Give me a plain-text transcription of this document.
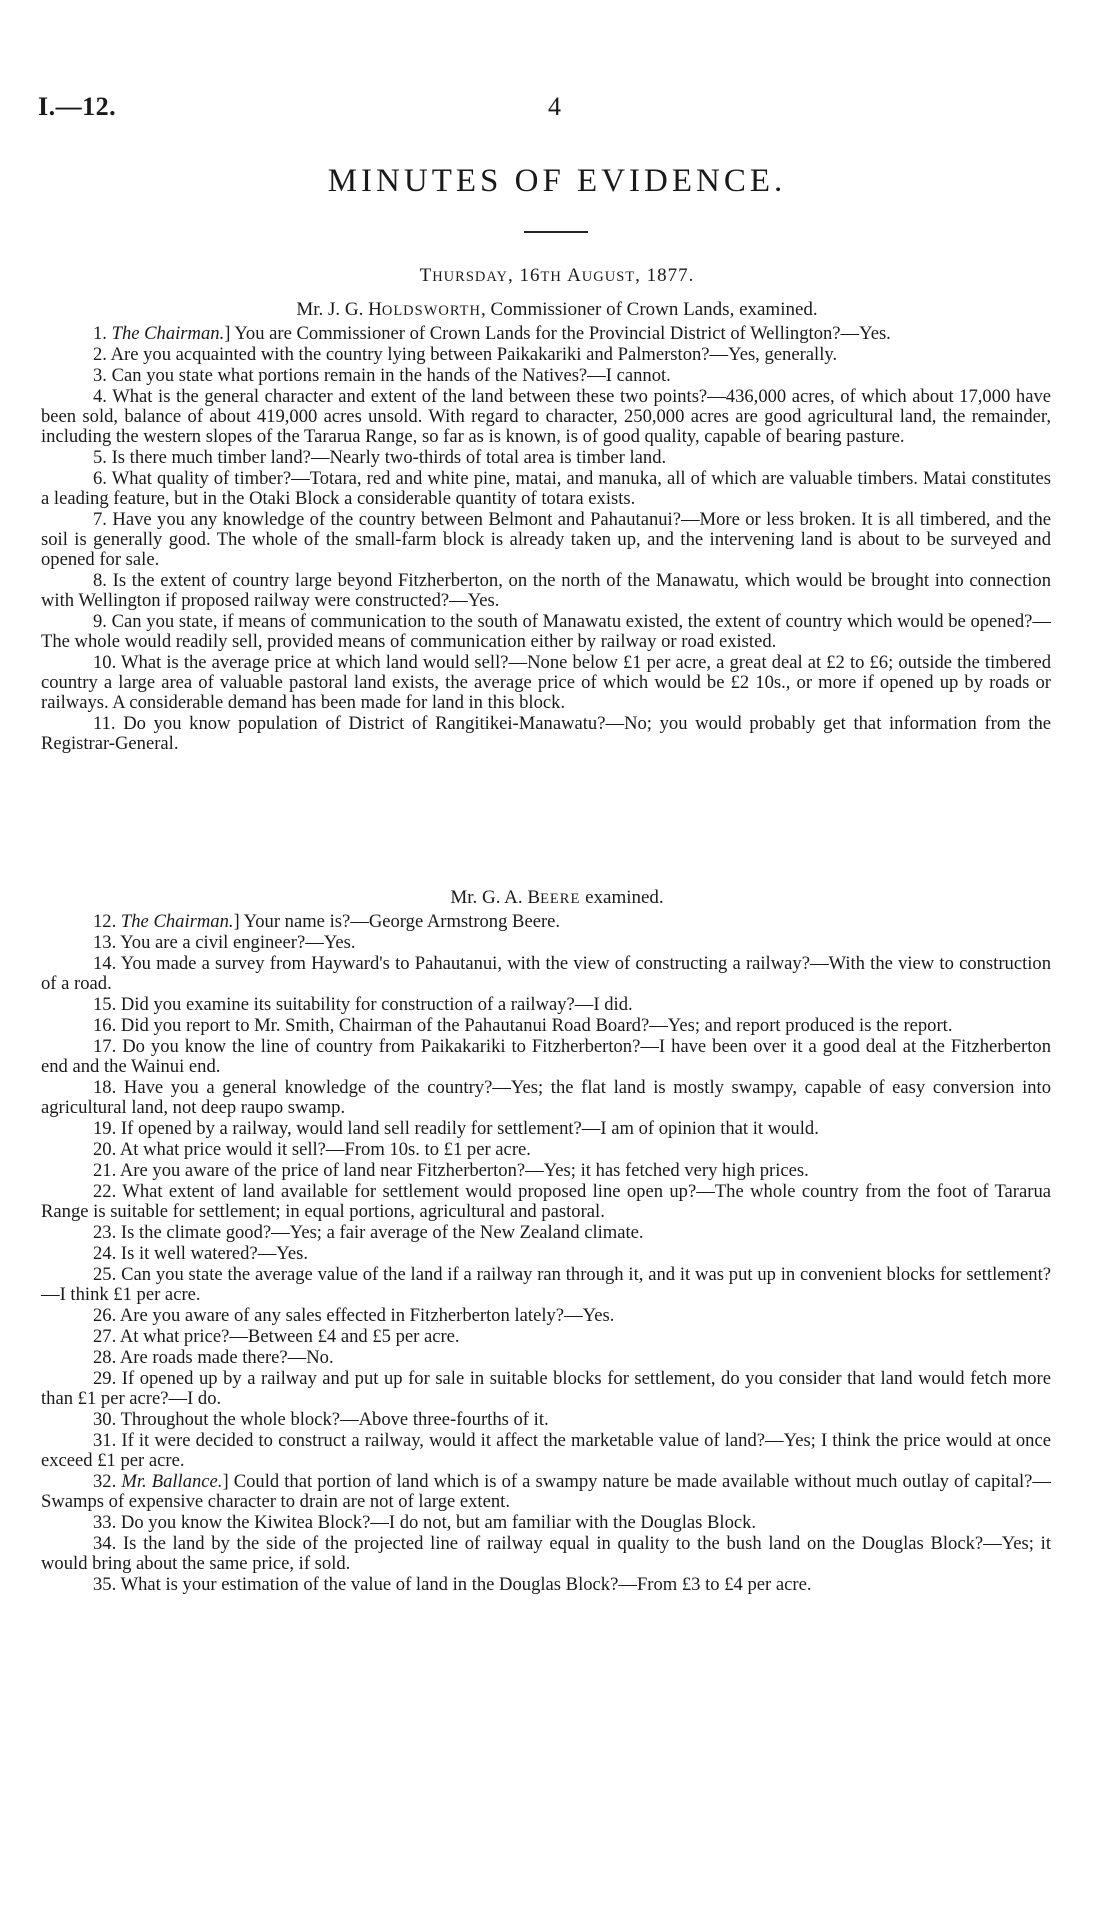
I.—12.	4
MINUTES OF EVIDENCE.
THURSDAY, 16TH AUGUST, 1877.
Mr. J. G. HOLDSWORTH, Commissioner of Crown Lands, examined.

1. The Chairman.] You are Commissioner of Crown Lands for the Provincial District of Wellington?—Yes.

2. Are you acquainted with the country lying between Paikakariki and Palmerston?—Yes, generally.

3. Can you state what portions remain in the hands of the Natives?—I cannot.

4. What is the general character and extent of the land between these two points?—436,000 acres, of which about 17,000 have been sold, balance of about 419,000 acres unsold. With regard to character, 250,000 acres are good agricultural land, the remainder, including the western slopes of the Tararua Range, so far as is known, is of good quality, capable of bearing pasture.

5. Is there much timber land?—Nearly two-thirds of total area is timber land.

6. What quality of timber?—Totara, red and white pine, matai, and manuka, all of which are valuable timbers. Matai constitutes a leading feature, but in the Otaki Block a considerable quantity of totara exists.

7. Have you any knowledge of the country between Belmont and Pahautanui?—More or less broken. It is all timbered, and the soil is generally good. The whole of the small-farm block is already taken up, and the intervening land is about to be surveyed and opened for sale.

8. Is the extent of country large beyond Fitzherberton, on the north of the Manawatu, which would be brought into connection with Wellington if proposed railway were constructed?—Yes.

9. Can you state, if means of communication to the south of Manawatu existed, the extent of country which would be opened?—The whole would readily sell, provided means of communication either by railway or road existed.

10. What is the average price at which land would sell?—None below £1 per acre, a great deal at £2 to £6; outside the timbered country a large area of valuable pastoral land exists, the average price of which would be £2 10s., or more if opened up by roads or railways. A considerable demand has been made for land in this block.

11. Do you know population of District of Rangitikei-Manawatu?—No; you would probably get that information from the Registrar-General.

Mr. G. A. BEERE examined.

12. The Chairman.] Your name is?—George Armstrong Beere.

13. You are a civil engineer?—Yes.

14. You made a survey from Hayward's to Pahautanui, with the view of constructing a railway?—With the view to construction of a road.

15. Did you examine its suitability for construction of a railway?—I did.

16. Did you report to Mr. Smith, Chairman of the Pahautanui Road Board?—Yes; and report produced is the report.

17. Do you know the line of country from Paikakariki to Fitzherberton?—I have been over it a good deal at the Fitzherberton end and the Wainui end.

18. Have you a general knowledge of the country?—Yes; the flat land is mostly swampy, capable of easy conversion into agricultural land, not deep raupo swamp.

19. If opened by a railway, would land sell readily for settlement?—I am of opinion that it would.

20. At what price would it sell?—From 10s. to £1 per acre.

21. Are you aware of the price of land near Fitzherberton?—Yes; it has fetched very high prices.

22. What extent of land available for settlement would proposed line open up?—The whole country from the foot of Tararua Range is suitable for settlement; in equal portions, agricultural and pastoral.

23. Is the climate good?—Yes; a fair average of the New Zealand climate.

24. Is it well watered?—Yes.

25. Can you state the average value of the land if a railway ran through it, and it was put up in convenient blocks for settlement?—I think £1 per acre.

26. Are you aware of any sales effected in Fitzherberton lately?—Yes.

27. At what price?—Between £4 and £5 per acre.

28. Are roads made there?—No.

29. If opened up by a railway and put up for sale in suitable blocks for settlement, do you consider that land would fetch more than £1 per acre?—I do.

30. Throughout the whole block?—Above three-fourths of it.

31. If it were decided to construct a railway, would it affect the marketable value of land?—Yes; I think the price would at once exceed £1 per acre.

32. Mr. Ballance.] Could that portion of land which is of a swampy nature be made available without much outlay of capital?—Swamps of expensive character to drain are not of large extent.

33. Do you know the Kiwitea Block?—I do not, but am familiar with the Douglas Block.

34. Is the land by the side of the projected line of railway equal in quality to the bush land on the Douglas Block?—Yes; it would bring about the same price, if sold.

35. What is your estimation of the value of land in the Douglas Block?—From £3 to £4 per acre.
